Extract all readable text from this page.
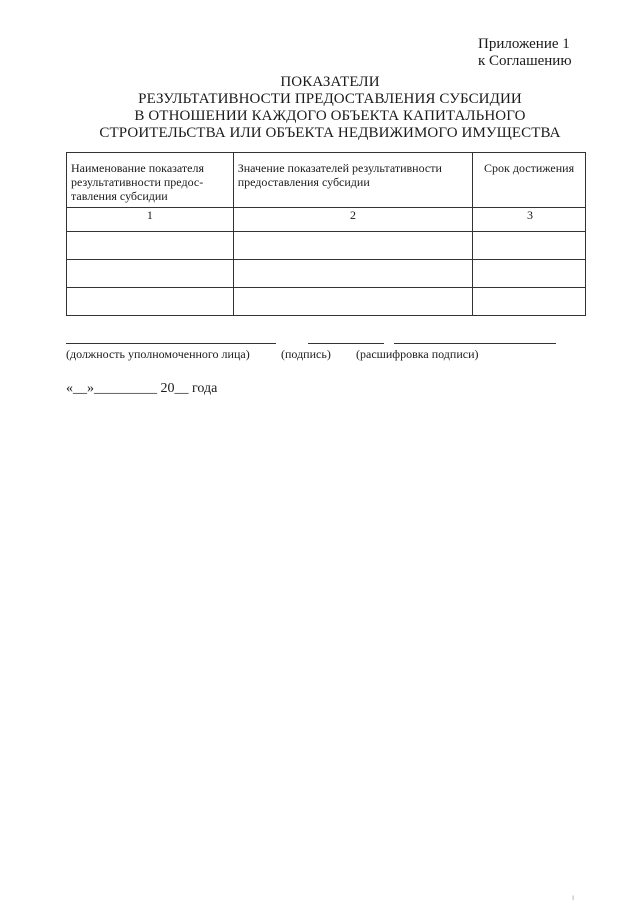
Приложение 1
к Соглашению
ПОКАЗАТЕЛИ
РЕЗУЛЬТАТИВНОСТИ ПРЕДОСТАВЛЕНИЯ СУБСИДИИ
В ОТНОШЕНИИ КАЖДОГО ОБЪЕКТА КАПИТАЛЬНОГО
СТРОИТЕЛЬСТВА ИЛИ ОБЪЕКТА НЕДВИЖИМОГО ИМУЩЕСТВА
Наименование показателя результативности предос-тавления субсидии	Значение показателей результативности предоставления субсидии	Срок достижения
1	2	3

(должность уполномоченного лица)	(подпись) (расшифровка подписи)
«__»_________ 20__ года
ı
